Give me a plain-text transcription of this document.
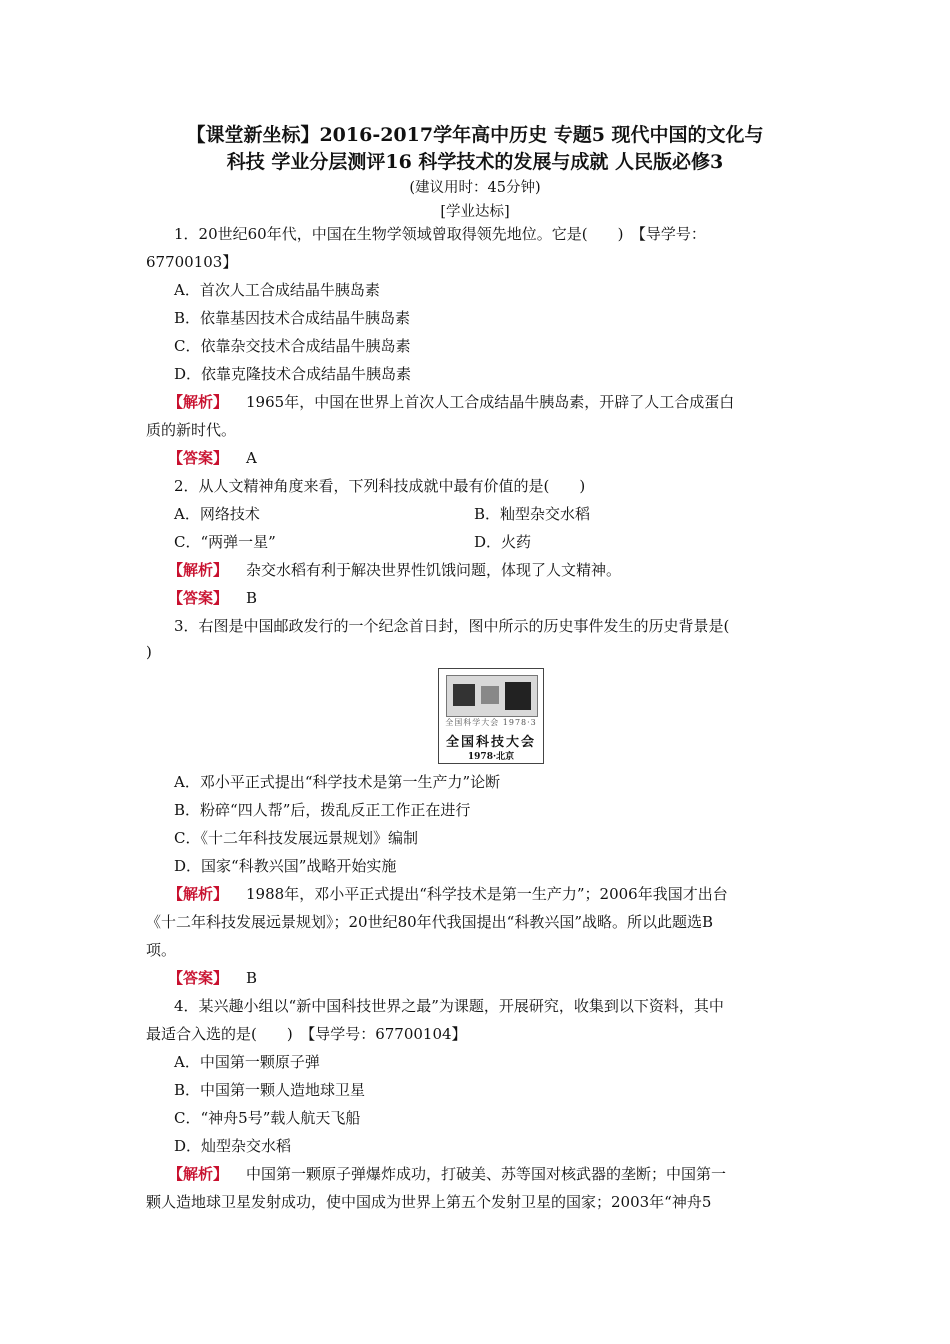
【课堂新坐标】2016-2017学年高中历史 专题5 现代中国的文化与
科技 学业分层测评16 科学技术的发展与成就 人民版必修3
(建议用时：45分钟)
[学业达标]
1．20世纪60年代，中国在生物学领域曾取得领先地位。它是(　　)　【导学号：
67700103】
A．首次人工合成结晶牛胰岛素
B．依靠基因技术合成结晶牛胰岛素
C．依靠杂交技术合成结晶牛胰岛素
D．依靠克隆技术合成结晶牛胰岛素
【解析】 1965年，中国在世界上首次人工合成结晶牛胰岛素，开辟了人工合成蛋白
质的新时代。
【答案】 A
2．从人文精神角度来看，下列科技成就中最有价值的是(　　)
A．网络技术	B．籼型杂交水稻
C．“两弹一星”	D．火药
【解析】 杂交水稻有利于解决世界性饥饿问题，体现了人文精神。
【答案】 B
3．右图是中国邮政发行的一个纪念首日封，图中所示的历史事件发生的历史背景是(
)
全国科学大会 1978·3
全国科技大会
1978·北京
A．邓小平正式提出“科学技术是第一生产力”论断
B．粉碎“四人帮”后，拨乱反正工作正在进行
C．《十二年科技发展远景规划》编制
D．国家“科教兴国”战略开始实施
【解析】 1988年，邓小平正式提出“科学技术是第一生产力”；2006年我国才出台
《十二年科技发展远景规划》；20世纪80年代我国提出“科教兴国”战略。所以此题选B
项。
【答案】 B
4．某兴趣小组以“新中国科技世界之最”为课题，开展研究，收集到以下资料，其中
最适合入选的是(　　)　【导学号：67700104】
A．中国第一颗原子弹
B．中国第一颗人造地球卫星
C．“神舟5号”载人航天飞船
D．灿型杂交水稻
【解析】 中国第一颗原子弹爆炸成功，打破美、苏等国对核武器的垄断；中国第一
颗人造地球卫星发射成功，使中国成为世界上第五个发射卫星的国家；2003年“神舟5
